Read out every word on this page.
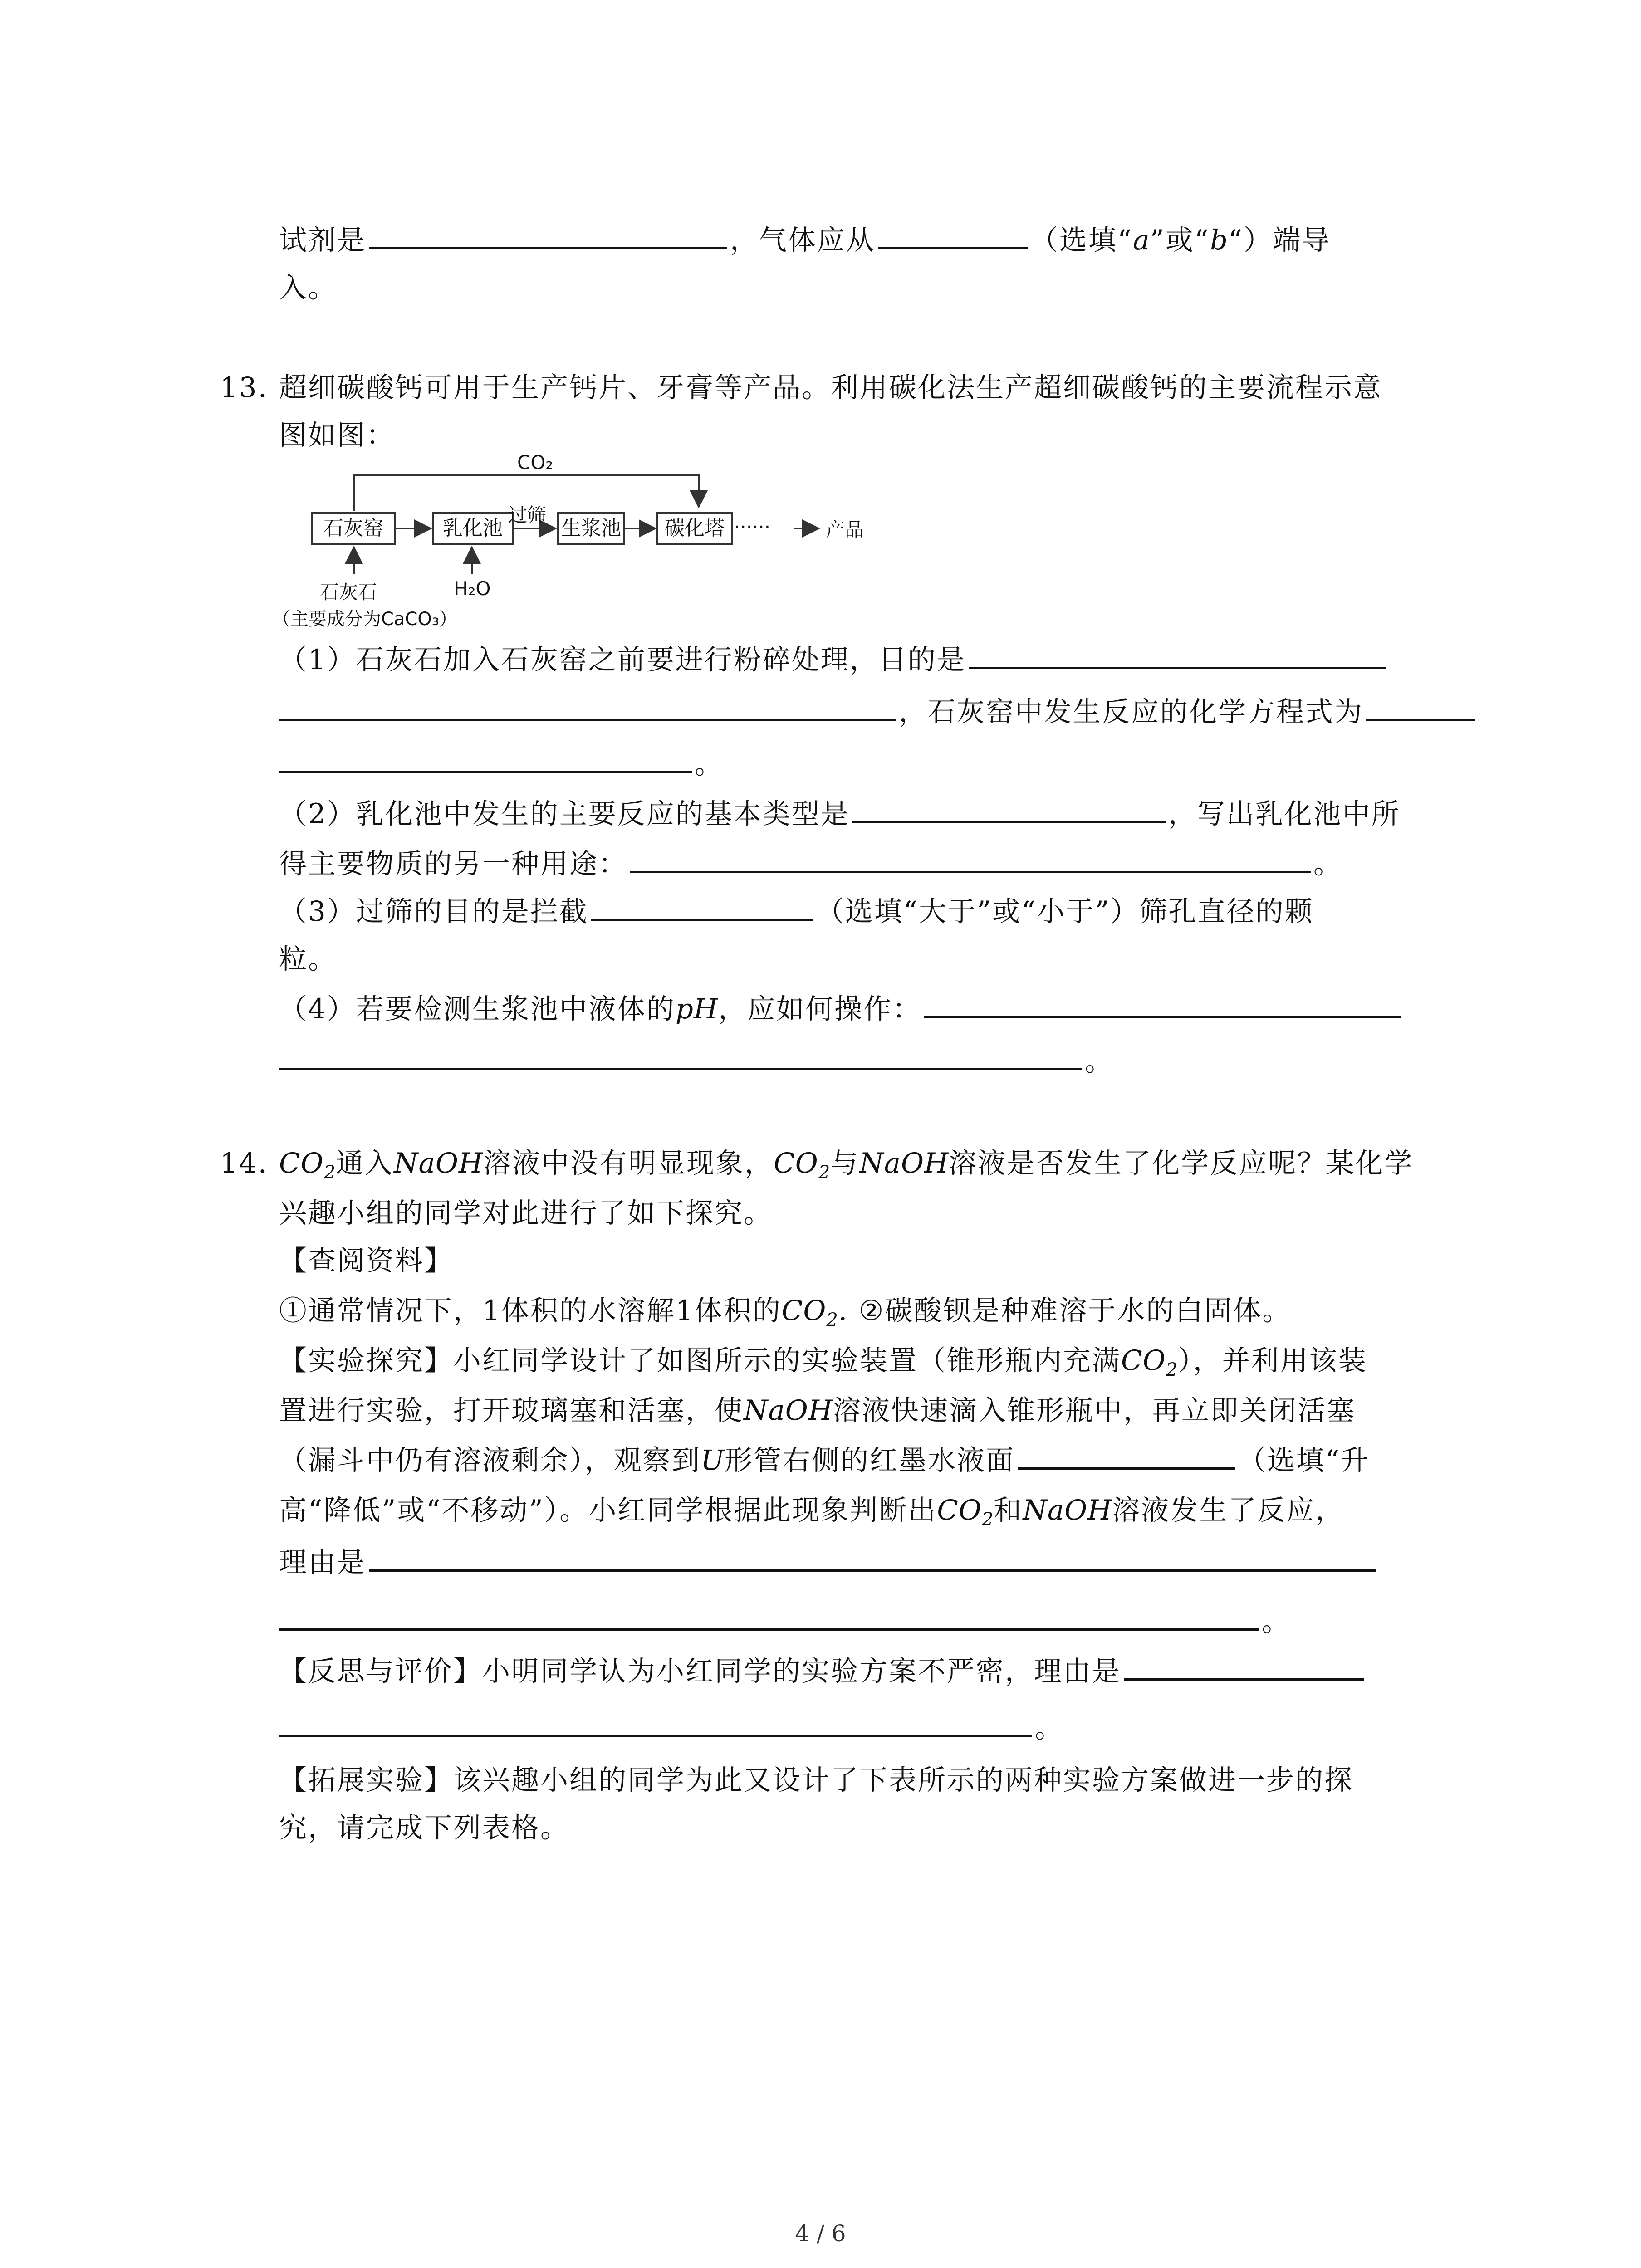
试剂是	，气体应从	（选填“a”或“b“）端导
入。
13. 超细碳酸钙可用于生产钙片、牙膏等产品。利用碳化法生产超细碳酸钙的主要流程示意
图如图：
CO₂
石灰窑	乳化池
过筛
生浆池	碳化塔 ······	产品
石灰石	H₂O
（主要成分为CaCO₃）
（1）石灰石加入石灰窑之前要进行粉碎处理，目的是
，石灰窑中发生反应的化学方程式为
。
（2）乳化池中发生的主要反应的基本类型是	，写出乳化池中所
得主要物质的另一种用途：	。
（3）过筛的目的是拦截	（选填“大于”或“小于”）筛孔直径的颗
粒。
（4）若要检测生浆池中液体的pH，应如何操作：
。
14. $CO_2$通入NaOH溶液中没有明显现象，$CO_2$与NaOH溶液是否发生了化学反应呢？某化学
兴趣小组的同学对此进行了如下探究。
【查阅资料】
①通常情况下，1体积的水溶解1体积的$CO_2$. ②碳酸钡是种难溶于水的白固体。
【实验探究】小红同学设计了如图所示的实验装置（锥形瓶内充满$CO_2$），并利用该装
置进行实验，打开玻璃塞和活塞，使NaOH溶液快速滴入锥形瓶中，再立即关闭活塞
（漏斗中仍有溶液剩余），观察到U形管右侧的红墨水液面	（选填“升
高“降低”或“不移动”）。小红同学根据此现象判断出$CO_2$和NaOH溶液发生了反应，
理由是
。
【反思与评价】小明同学认为小红同学的实验方案不严密，理由是
。
【拓展实验】该兴趣小组的同学为此又设计了下表所示的两种实验方案做进一步的探
究，请完成下列表格。
4 / 6
